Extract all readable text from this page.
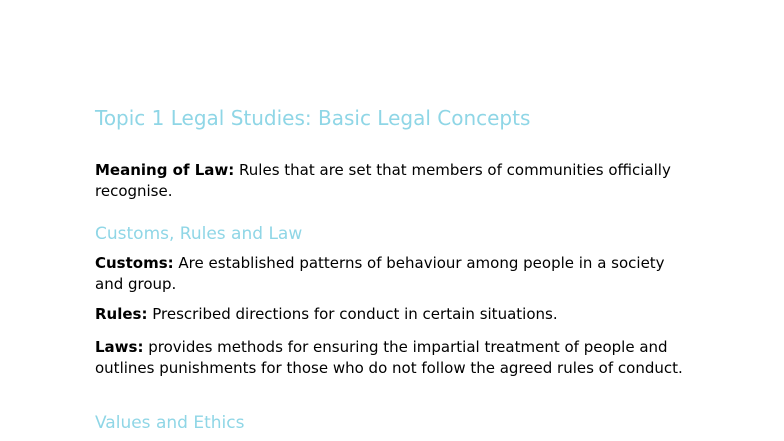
Topic 1 Legal Studies: Basic Legal Concepts

Meaning of Law: Rules that are set that members of communities officially recognise.

Customs, Rules and Law

Customs: Are established patterns of behaviour among people in a society and group.

Rules: Prescribed directions for conduct in certain situations.

Laws: provides methods for ensuring the impartial treatment of people and outlines punishments for those who do not follow the agreed rules of conduct.

Values and Ethics
